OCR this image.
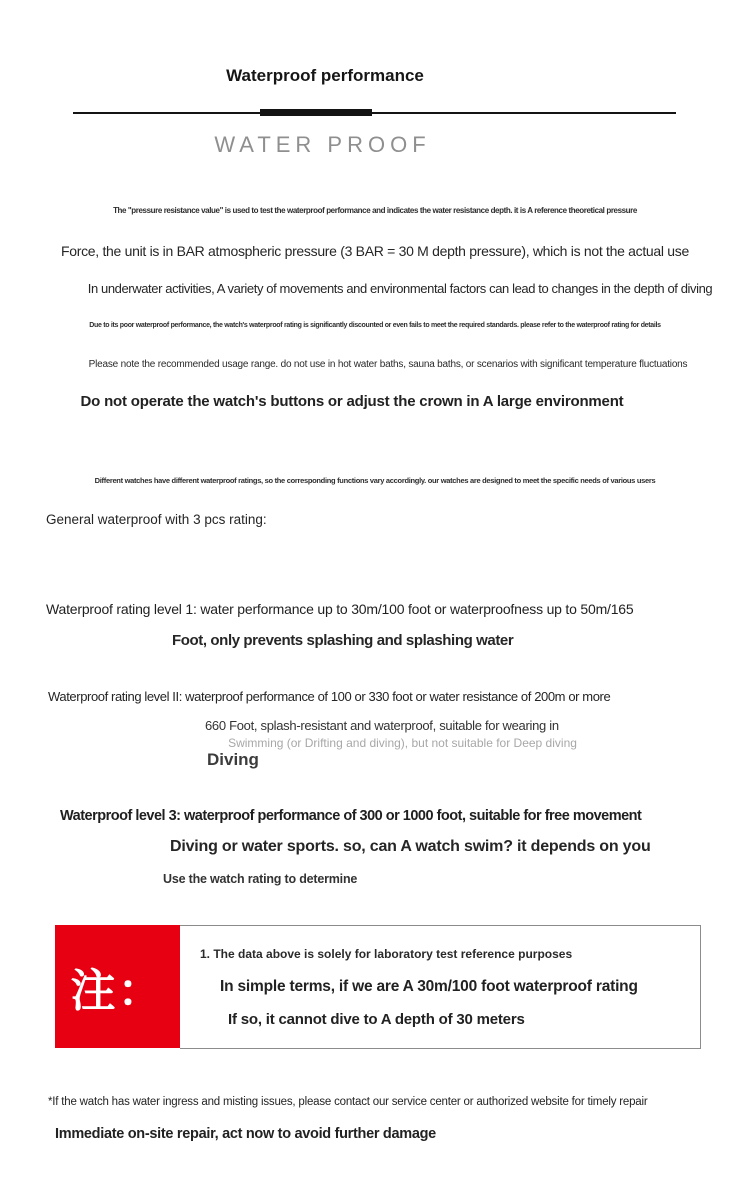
Waterproof performance
WATER PROOF
The "pressure resistance value" is used to test the waterproof performance and indicates the water resistance depth. it is A reference theoretical pressure
Force, the unit is in BAR atmospheric pressure (3 BAR = 30 M depth pressure), which is not the actual use
In underwater activities, A variety of movements and environmental factors can lead to changes in the depth of diving
Due to its poor waterproof performance, the watch's waterproof rating is significantly discounted or even fails to meet the required standards. please refer to the waterproof rating for details
Please note the recommended usage range. do not use in hot water baths, sauna baths, or scenarios with significant temperature fluctuations
Do not operate the watch's buttons or adjust the crown in A large environment
Different watches have different waterproof ratings, so the corresponding functions vary accordingly. our watches are designed to meet the specific needs of various users
General waterproof with 3 pcs rating:
Waterproof rating level 1: water performance up to 30m/100 foot or waterproofness up to 50m/165
Foot, only prevents splashing and splashing water
Waterproof rating level II: waterproof performance of 100 or 330 foot or water resistance of 200m or more
660 Foot, splash-resistant and waterproof, suitable for wearing in
Swimming (or Drifting and diving), but not suitable for Deep diving
Diving
Waterproof level 3: waterproof performance of 300 or 1000 foot, suitable for free movement
Diving or water sports. so, can A watch swim? it depends on you
Use the watch rating to determine
注：
1. The data above is solely for laboratory test reference purposes
In simple terms, if we are A 30m/100 foot waterproof rating
If so, it cannot dive to A depth of 30 meters
*If the watch has water ingress and misting issues, please contact our service center or authorized website for timely repair
Immediate on-site repair, act now to avoid further damage
